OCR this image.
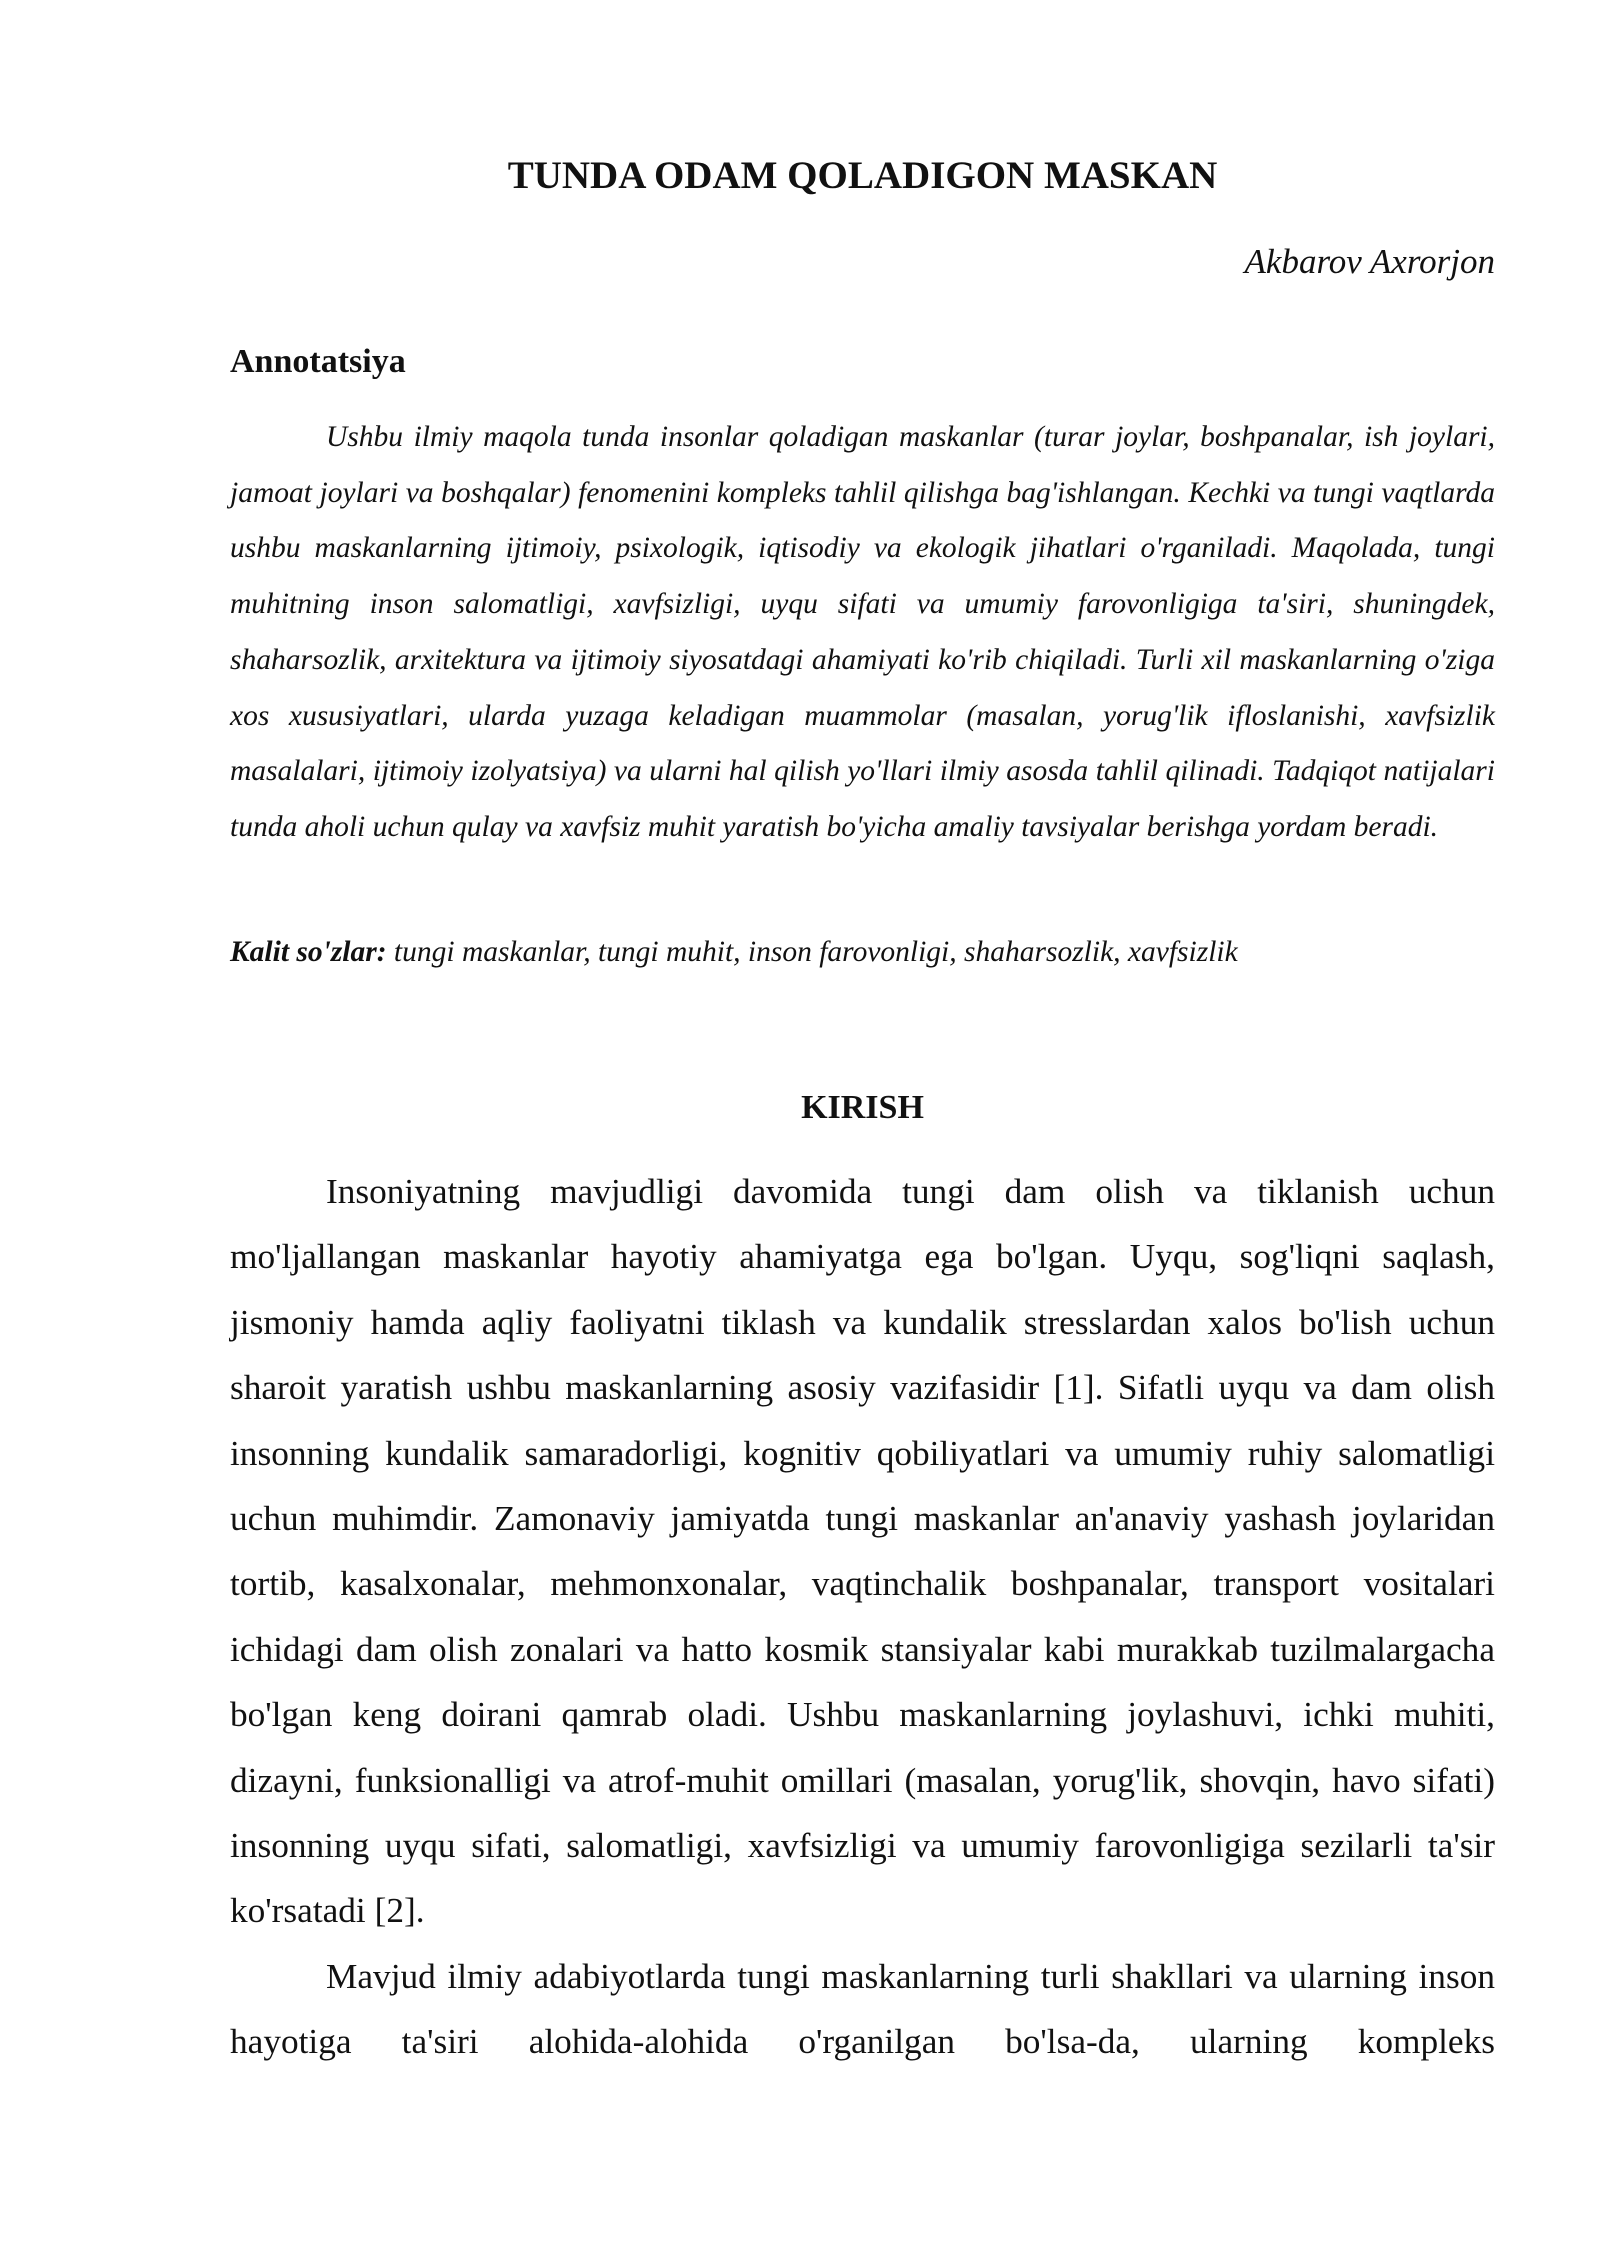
TUNDA ODAM QOLADIGON MASKAN
Akbarov Axrorjon
Annotatsiya

Ushbu ilmiy maqola tunda insonlar qoladigan maskanlar (turar joylar, boshpanalar, ish joylari, jamoat joylari va boshqalar) fenomenini kompleks tahlil qilishga bag'ishlangan. Kechki va tungi vaqtlarda ushbu maskanlarning ijtimoiy, psixologik, iqtisodiy va ekologik jihatlari o'rganiladi. Maqolada, tungi muhitning inson salomatligi, xavfsizligi, uyqu sifati va umumiy farovonligiga ta'siri, shuningdek, shaharsozlik, arxitektura va ijtimoiy siyosatdagi ahamiyati ko'rib chiqiladi. Turli xil maskanlarning o'ziga xos xususiyatlari, ularda yuzaga keladigan muammolar (masalan, yorug'lik ifloslanishi, xavfsizlik masalalari, ijtimoiy izolyatsiya) va ularni hal qilish yo'llari ilmiy asosda tahlil qilinadi. Tadqiqot natijalari tunda aholi uchun qulay va xavfsiz muhit yaratish bo'yicha amaliy tavsiyalar berishga yordam beradi.

Kalit so'zlar: tungi maskanlar, tungi muhit, inson farovonligi, shaharsozlik, xavfsizlik

KIRISH

Insoniyatning mavjudligi davomida tungi dam olish va tiklanish uchun mo'ljallangan maskanlar hayotiy ahamiyatga ega bo'lgan. Uyqu, sog'liqni saqlash, jismoniy hamda aqliy faoliyatni tiklash va kundalik stresslardan xalos bo'lish uchun sharoit yaratish ushbu maskanlarning asosiy vazifasidir [1]. Sifatli uyqu va dam olish insonning kundalik samaradorligi, kognitiv qobiliyatlari va umumiy ruhiy salomatligi uchun muhimdir. Zamonaviy jamiyatda tungi maskanlar an'anaviy yashash joylaridan tortib, kasalxonalar, mehmonxonalar, vaqtinchalik boshpanalar, transport vositalari ichidagi dam olish zonalari va hatto kosmik stansiyalar kabi murakkab tuzilmalargacha bo'lgan keng doirani qamrab oladi. Ushbu maskanlarning joylashuvi, ichki muhiti, dizayni, funksionalligi va atrof-muhit omillari (masalan, yorug'lik, shovqin, havo sifati) insonning uyqu sifati, salomatligi, xavfsizligi va umumiy farovonligiga sezilarli ta'sir ko'rsatadi [2].

Mavjud ilmiy adabiyotlarda tungi maskanlarning turli shakllari va ularning inson hayotiga ta'siri alohida-alohida o'rganilgan bo'lsa-da, ularning kompleks
